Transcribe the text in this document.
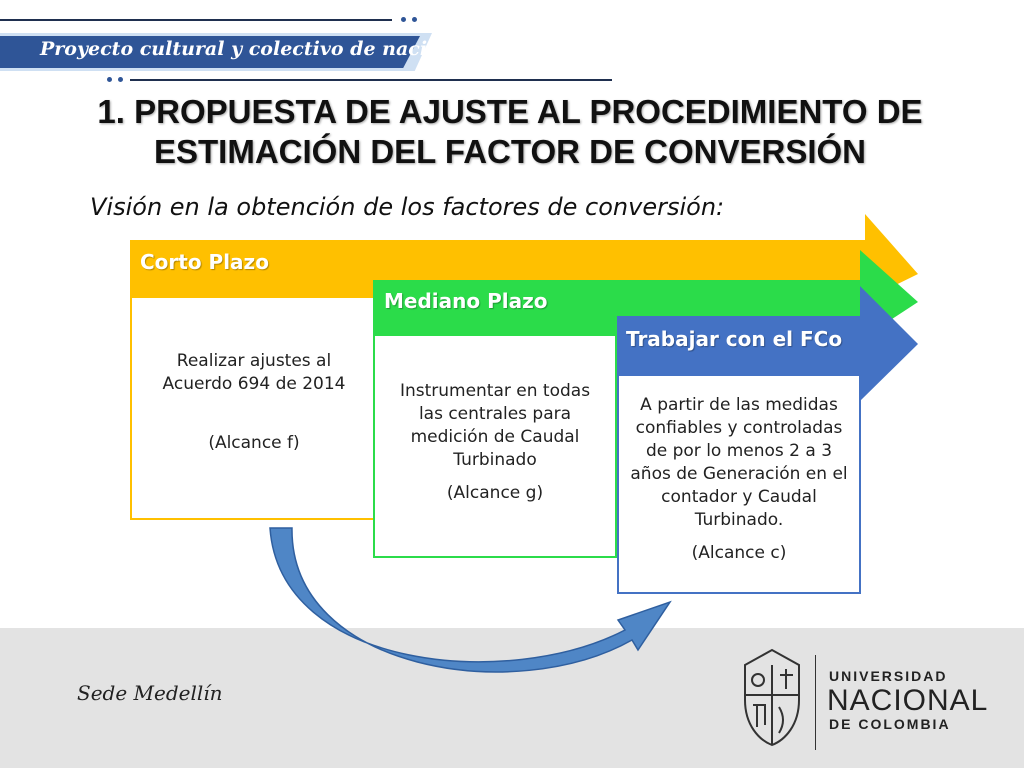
Proyecto cultural y colectivo de nación
1. PROPUESTA DE AJUSTE AL PROCEDIMIENTO DE ESTIMACIÓN DEL FACTOR DE CONVERSIÓN
Visión en la obtención de los factores de conversión:
Corto Plazo

Realizar ajustes al Acuerdo 694 de 2014

(Alcance f)

Mediano Plazo

Instrumentar en todas las centrales para medición de Caudal Turbinado

(Alcance g)

Trabajar con el FCo

A partir de las medidas confiables y controladas de por lo menos 2 a 3 años de Generación en el contador y Caudal Turbinado.

(Alcance c)

Sede Medellín
UNIVERSIDAD
NACIONAL
DE COLOMBIA
